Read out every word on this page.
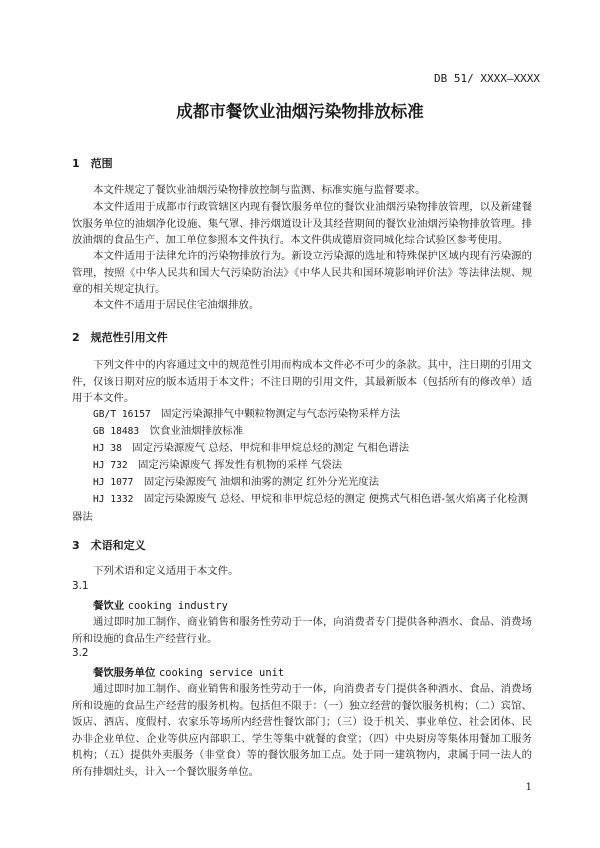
DB 51/ XXXX—XXXX
成都市餐饮业油烟污染物排放标准
1　范围

本文件规定了餐饮业油烟污染物排放控制与监测、标准实施与监督要求。

本文件适用于成都市行政管辖区内现有餐饮服务单位的餐饮业油烟污染物排放管理，以及新建餐饮服务单位的油烟净化设施、集气罩、排污烟道设计及其经营期间的餐饮业油烟污染物排放管理。排放油烟的食品生产、加工单位参照本文件执行。本文件供成德眉资同城化综合试验区参考使用。

本文件适用于法律允许的污染物排放行为。新设立污染源的选址和特殊保护区域内现有污染源的管理，按照《中华人民共和国大气污染防治法》《中华人民共和国环境影响评价法》等法律法规、规章的相关规定执行。

本文件不适用于居民住宅油烟排放。

2　规范性引用文件

下列文件中的内容通过文中的规范性引用而构成本文件必不可少的条款。其中，注日期的引用文件，仅该日期对应的版本适用于本文件；不注日期的引用文件，其最新版本（包括所有的修改单）适用于本文件。

GB/T 16157　固定污染源排气中颗粒物测定与气态污染物采样方法

GB 18483　饮食业油烟排放标准

HJ 38　固定污染源废气 总烃、甲烷和非甲烷总烃的测定 气相色谱法

HJ 732　固定污染源废气 挥发性有机物的采样 气袋法

HJ 1077　固定污染源废气 油烟和油雾的测定 红外分光光度法

HJ 1332　固定污染源废气 总烃、甲烷和非甲烷总烃的测定 便携式气相色谱-氢火焰离子化检测器法

3　术语和定义

下列术语和定义适用于本文件。

3.1
餐饮业 cooking industry

通过即时加工制作、商业销售和服务性劳动于一体，向消费者专门提供各种酒水、食品、消费场所和设施的食品生产经营行业。

3.2
餐饮服务单位 cooking service unit

通过即时加工制作、商业销售和服务性劳动于一体，向消费者专门提供各种酒水、食品、消费场所和设施的食品生产经营的服务机构。包括但不限于：（一）独立经营的餐饮服务机构；（二）宾馆、饭店、酒店、度假村、农家乐等场所内经营性餐饮部门；（三）设于机关、事业单位、社会团体、民办非企业单位、企业等供应内部职工、学生等集中就餐的食堂；（四）中央厨房等集体用餐加工服务机构；（五）提供外卖服务（非堂食）等的餐饮服务加工点。处于同一建筑物内，隶属于同一法人的所有排烟灶头，计入一个餐饮服务单位。

1
